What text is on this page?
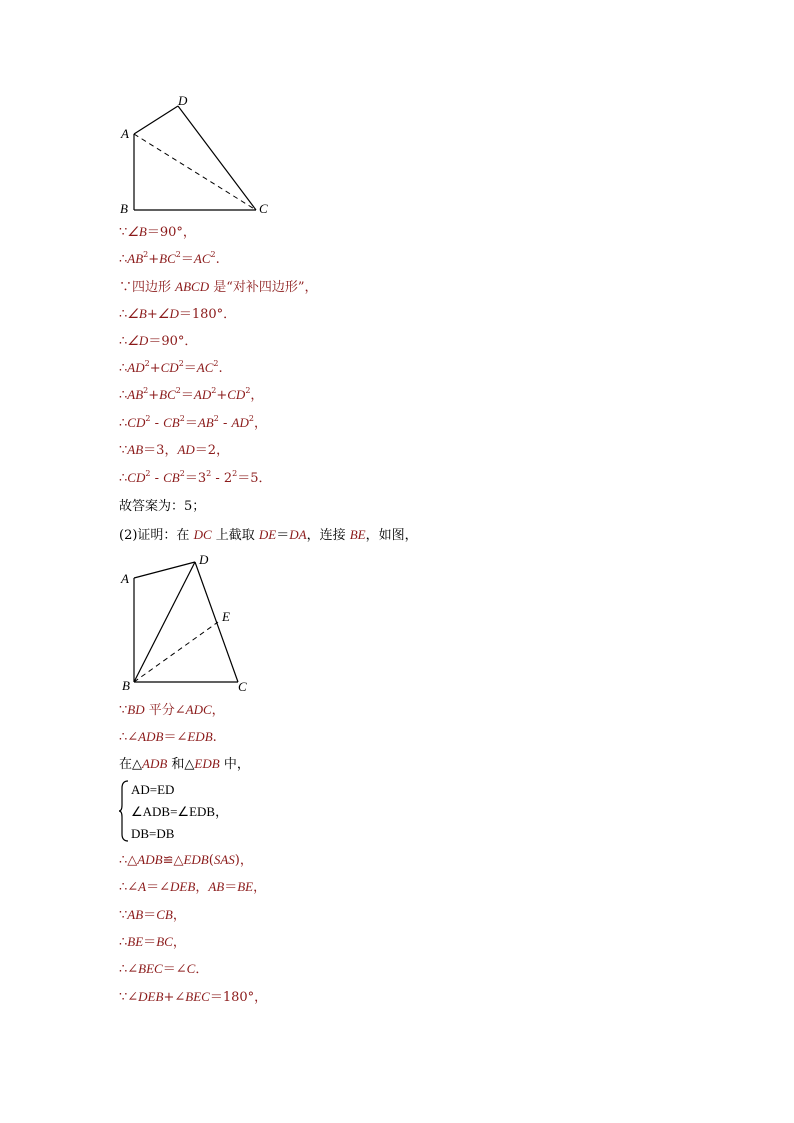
A
B	C
D
∵∠B＝90°，
$\therefore AB^2+BC^2=AC^2$.
∵四边形 ABCD 是“对补四边形”，
∴∠B+∠D＝180°．
∴∠D＝90°．
$\therefore AD^2+CD^2=AC^2$.
$\therefore AB^2+BC^2=AD^2+CD^2$，
$\therefore CD^2 - CB^2=AB^2 - AD^2$，
∵AB＝3，AD＝2，
$\therefore CD^2 - CB^2=3^2 - 2^2=5$．
故答案为：5；
(2)证明：在 DC 上截取 DE＝DA，连接 BE，如图，
A
B	C
D
E
∵BD 平分∠ADC，
∴∠ADB＝∠EDB.
在△ADB 和△EDB 中，
AD=ED
∠ADB=∠EDB，
DB=DB
∴△ADB≌△EDB(SAS)，
∴∠A＝∠DEB，AB＝BE，
∵AB＝CB，
∴BE＝BC，
∴∠BEC＝∠C．
∵∠DEB+∠BEC＝180°，
